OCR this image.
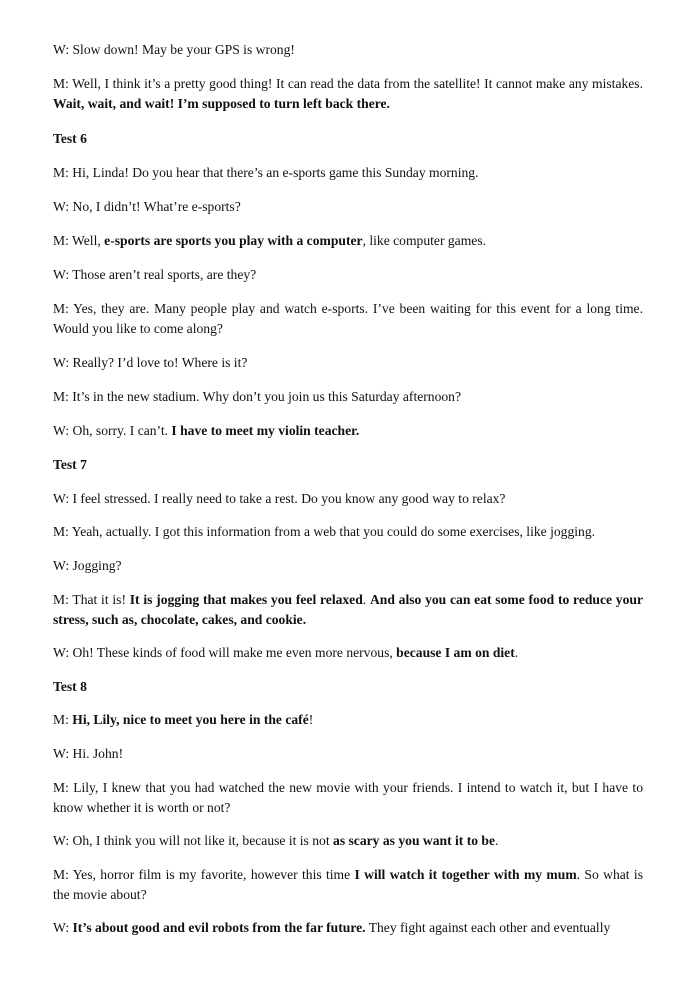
W: Slow down! May be your GPS is wrong!
M: Well, I think it’s a pretty good thing! It can read the data from the satellite! It cannot make any mistakes. Wait, wait, and wait! I’m supposed to turn left back there.
Test 6
M: Hi, Linda! Do you hear that there’s an e-sports game this Sunday morning.
W: No, I didn’t! What’re e-sports?
M: Well, e-sports are sports you play with a computer, like computer games.
W: Those aren’t real sports, are they?
M: Yes, they are. Many people play and watch e-sports. I’ve been waiting for this event for a long time. Would you like to come along?
W: Really? I’d love to! Where is it?
M: It’s in the new stadium. Why don’t you join us this Saturday afternoon?
W: Oh, sorry. I can’t. I have to meet my violin teacher.
Test 7
W: I feel stressed. I really need to take a rest. Do you know any good way to relax?
M: Yeah, actually. I got this information from a web that you could do some exercises, like jogging.
W: Jogging?
M: That it is! It is jogging that makes you feel relaxed. And also you can eat some food to reduce your stress, such as, chocolate, cakes, and cookie.
W: Oh! These kinds of food will make me even more nervous, because I am on diet.
Test 8
M: Hi, Lily, nice to meet you here in the café!
W: Hi. John!
M: Lily, I knew that you had watched the new movie with your friends. I intend to watch it, but I have to know whether it is worth or not?
W: Oh, I think you will not like it, because it is not as scary as you want it to be.
M: Yes, horror film is my favorite, however this time I will watch it together with my mum. So what is the movie about?
W: It’s about good and evil robots from the far future. They fight against each other and eventually
